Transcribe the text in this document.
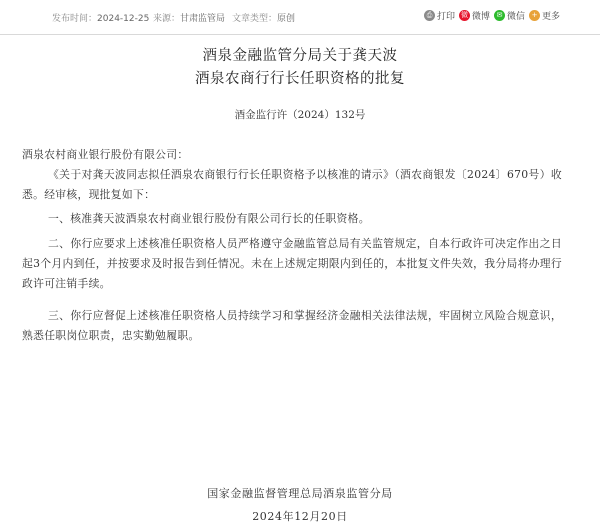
发布时间：2024-12-25 来源：甘肃监管局 文章类型：原创	⎙ 打印 微 微博 ✉ 微信 + 更多
酒泉金融监管分局关于龚天波
酒泉农商行行长任职资格的批复
酒金监行许（2024）132号
酒泉农村商业银行股份有限公司：
《关于对龚天波同志拟任酒泉农商银行行长任职资格予以核准的请示》（酒农商银发〔2024〕670号）收悉。经审核，现批复如下：
一、核准龚天波酒泉农村商业银行股份有限公司行长的任职资格。
二、你行应要求上述核准任职资格人员严格遵守金融监管总局有关监管规定，自本行政许可决定作出之日起3个月内到任，并按要求及时报告到任情况。未在上述规定期限内到任的，本批复文件失效，我分局将办理行政许可注销手续。
三、你行应督促上述核准任职资格人员持续学习和掌握经济金融相关法律法规，牢固树立风险合规意识，熟悉任职岗位职责，忠实勤勉履职。
国家金融监督管理总局酒泉监管分局
2024年12月20日
